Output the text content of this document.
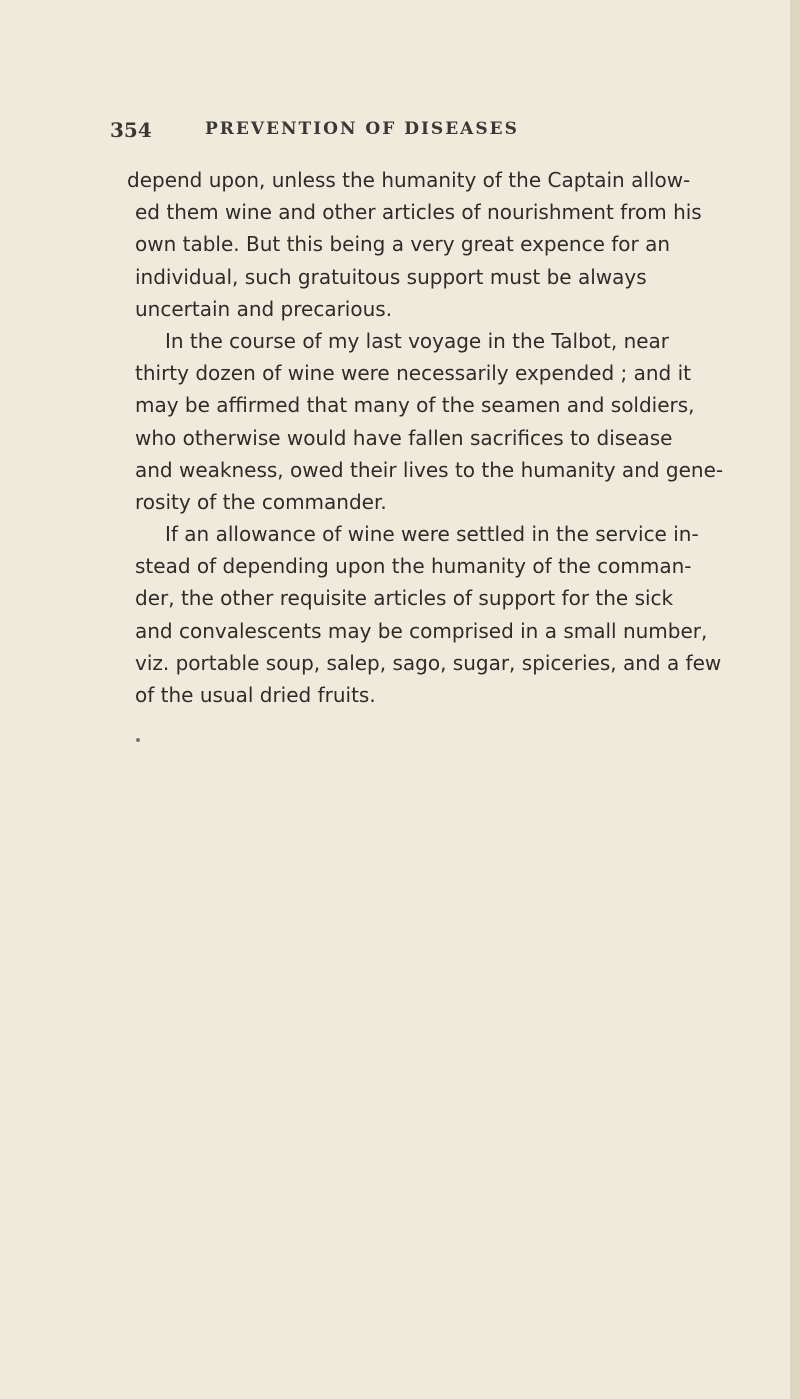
354	PREVENTION OF DISEASES
depend upon, unless the humanity of the Captain allow-
ed them wine and other articles of nourishment from his
own table. But this being a very great expence for an
individual, such gratuitous support must be always
uncertain and precarious.
In the course of my last voyage in the Talbot, near
thirty dozen of wine were necessarily expended ; and it
may be affirmed that many of the seamen and soldiers,
who otherwise would have fallen sacrifices to disease
and weakness, owed their lives to the humanity and gene-
rosity of the commander.
If an allowance of wine were settled in the service in-
stead of depending upon the humanity of the comman-
der, the other requisite articles of support for the sick
and convalescents may be comprised in a small number,
viz. portable soup, salep, sago, sugar, spiceries, and a few
of the usual dried fruits.
